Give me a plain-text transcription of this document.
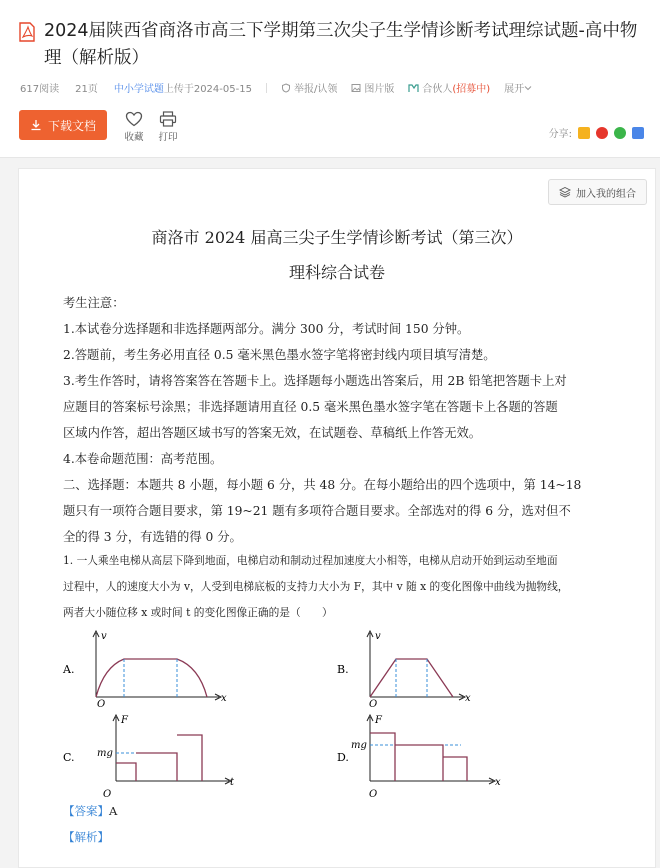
2024届陕西省商洛市高三下学期第三次尖子生学情诊断考试理综试题-高中物理（解析版）
617阅读 21页 中小学试题 上传于2024-05-15	举报/认领	图片版	合伙人 (招募中) 展开
下载文档
收藏	打印	分享:
加入我的组合
商洛市 2024 届高三尖子生学情诊断考试（第三次）
理科综合试卷
考生注意：
1.本试卷分选择题和非选择题两部分。满分 300 分，考试时间 150 分钟。
2.答题前，考生务必用直径 0.5 毫米黑色墨水签字笔将密封线内项目填写清楚。
3.考生作答时，请将答案答在答题卡上。选择题每小题选出答案后，用 2B 铅笔把答题卡上对
应题目的答案标号涂黑；非选择题请用直径 0.5 毫米黑色墨水签字笔在答题卡上各题的答题
区域内作答，超出答题区域书写的答案无效，在试题卷、草稿纸上作答无效。
4.本卷命题范围：高考范围。
二、选择题：本题共 8 小题，每小题 6 分，共 48 分。在每小题给出的四个选项中，第 14~18
题只有一项符合题目要求，第 19~21 题有多项符合题目要求。全部选对的得 6 分，选对但不
全的得 3 分，有选错的得 0 分。
1. 一人乘坐电梯从高层下降到地面，电梯启动和制动过程加速度大小相等，电梯从启动开始到运动至地面
过程中，人的速度大小为 v，人受到电梯底板的支持力大小为 F，其中 v 随 x 的变化图像中曲线为抛物线，
两者大小随位移 x 或时间 t 的变化图像正确的是（　　）
A.
v
x
O
B.
v
x
O
C.
F
t
O
mg	D.
F
x
O
mg
【答案】A
【解析】
